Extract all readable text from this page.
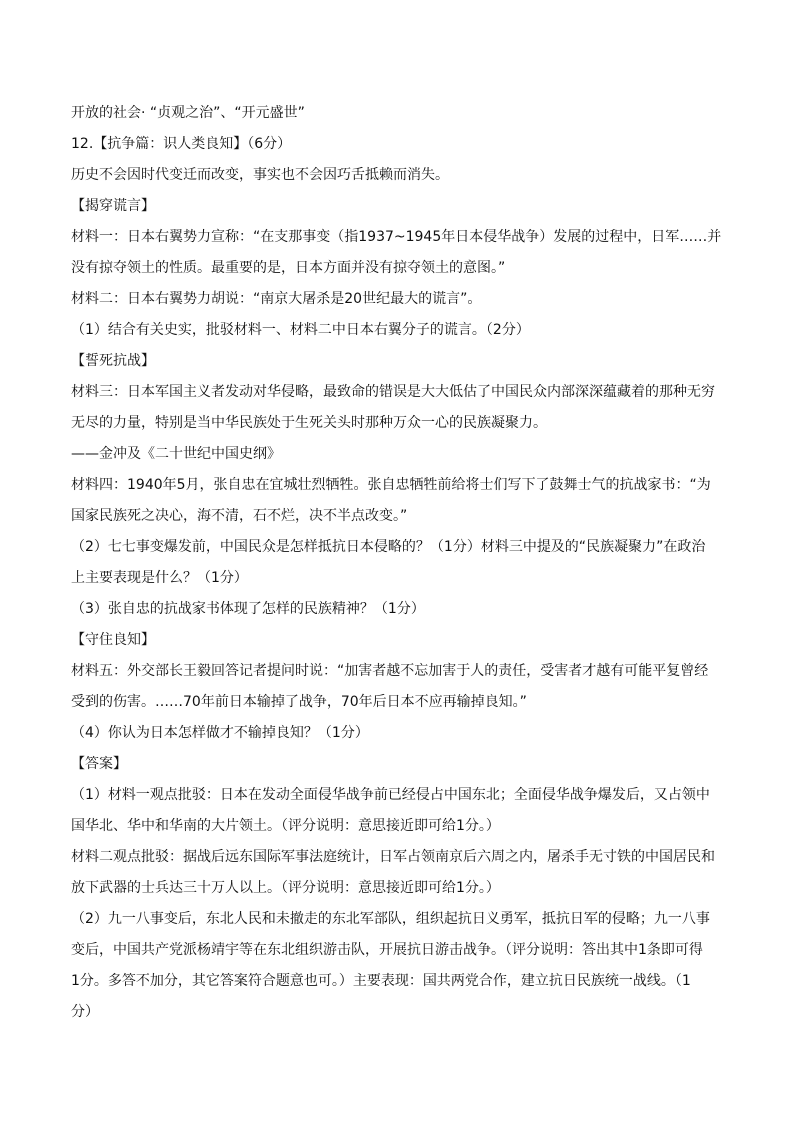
开放的社会· “贞观之治”、“开元盛世”
12.【抗争篇：识人类良知】（6分）
历史不会因时代变迁而改变，事实也不会因巧舌抵赖而消失。
【揭穿谎言】
材料一：日本右翼势力宣称：“在支那事变（指1937~1945年日本侵华战争）发展的过程中，日军……并
没有掠夺领土的性质。最重要的是，日本方面并没有掠夺领土的意图。”
材料二：日本右翼势力胡说：“南京大屠杀是20世纪最大的谎言”。
（1）结合有关史实，批驳材料一、材料二中日本右翼分子的谎言。（2分）
【誓死抗战】
材料三：日本军国主义者发动对华侵略，最致命的错误是大大低估了中国民众内部深深蕴藏着的那种无穷
无尽的力量，特别是当中华民族处于生死关头时那种万众一心的民族凝聚力。
——金冲及《二十世纪中国史纲》
材料四：1940年5月，张自忠在宜城壮烈牺牲。张自忠牺牲前给将士们写下了鼓舞士气的抗战家书：“为
国家民族死之决心，海不清，石不烂，决不半点改变。”
（2）七七事变爆发前，中国民众是怎样抵抗日本侵略的？（1分）材料三中提及的“民族凝聚力”在政治
上主要表现是什么？（1分）
（3）张自忠的抗战家书体现了怎样的民族精神？（1分）
【守住良知】
材料五：外交部长王毅回答记者提问时说：“加害者越不忘加害于人的责任，受害者才越有可能平复曾经
受到的伤害。……70年前日本输掉了战争，70年后日本不应再输掉良知。”
（4）你认为日本怎样做才不输掉良知？（1分）
【答案】
（1）材料一观点批驳：日本在发动全面侵华战争前已经侵占中国东北；全面侵华战争爆发后，又占领中
国华北、华中和华南的大片领土。（评分说明：意思接近即可给1分。）
材料二观点批驳：据战后远东国际军事法庭统计，日军占领南京后六周之内，屠杀手无寸铁的中国居民和
放下武器的士兵达三十万人以上。（评分说明：意思接近即可给1分。）
（2）九一八事变后，东北人民和未撤走的东北军部队，组织起抗日义勇军，抵抗日军的侵略；九一八事
变后，中国共产党派杨靖宇等在东北组织游击队，开展抗日游击战争。（评分说明：答出其中1条即可得
1分。多答不加分，其它答案符合题意也可。）主要表现：国共两党合作，建立抗日民族统一战线。（1
分）
